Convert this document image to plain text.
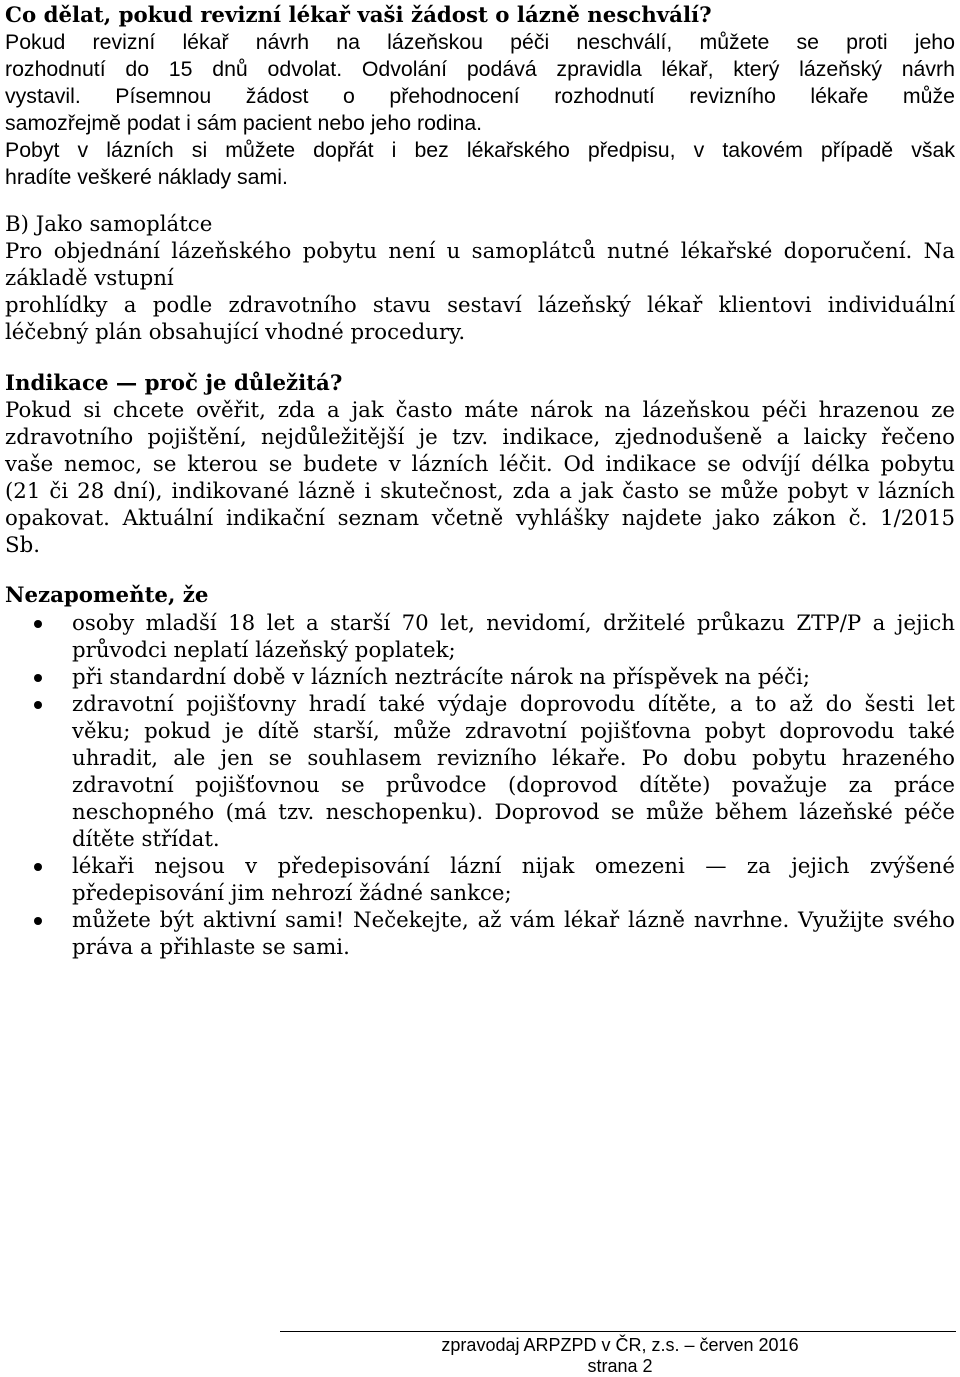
Co dělat, pokud revizní lékař vaši žádost o lázně neschválí?
Pokud revizní lékař návrh na lázeňskou péči neschválí, můžete se proti jeho
rozhodnutí do 15 dnů odvolat. Odvolání podává zpravidla lékař, který lázeňský návrh
vystavil. Písemnou žádost o přehodnocení rozhodnutí revizního lékaře může
samozřejmě podat i sám pacient nebo jeho rodina.
Pobyt v lázních si můžete dopřát i bez lékařského předpisu, v takovém případě však
hradíte veškeré náklady sami.
B) Jako samoplátce
Pro objednání lázeňského pobytu není u samoplátců nutné lékařské doporučení. Na
základě vstupní
prohlídky a podle zdravotního stavu sestaví lázeňský lékař klientovi individuální
léčebný plán obsahující vhodné procedury.
Indikace — proč je důležitá?
Pokud si chcete ověřit, zda a jak často máte nárok na lázeňskou péči hrazenou ze
zdravotního pojištění, nejdůležitější je tzv. indikace, zjednodušeně a laicky řečeno
vaše nemoc, se kterou se budete v lázních léčit. Od indikace se odvíjí délka pobytu
(21 či 28 dní), indikované lázně i skutečnost, zda a jak často se může pobyt v lázních
opakovat. Aktuální indikační seznam včetně vyhlášky najdete jako zákon č. 1/2015
Sb.
Nezapomeňte, že
osoby mladší 18 let a starší 70 let, nevidomí, držitelé průkazu ZTP/P a jejich
průvodci neplatí lázeňský poplatek;
při standardní době v lázních neztrácíte nárok na příspěvek na péči;
zdravotní pojišťovny hradí také výdaje doprovodu dítěte, a to až do šesti let
věku; pokud je dítě starší, může zdravotní pojišťovna pobyt doprovodu také
uhradit, ale jen se souhlasem revizního lékaře. Po dobu pobytu hrazeného
zdravotní pojišťovnou se průvodce (doprovod dítěte) považuje za práce
neschopného (má tzv. neschopenku). Doprovod se může během lázeňské péče
dítěte střídat.
lékaři nejsou v předepisování lázní nijak omezeni — za jejich zvýšené
předepisování jim nehrozí žádné sankce;
můžete být aktivní sami! Nečekejte, až vám lékař lázně navrhne. Využijte svého
práva a přihlaste se sami.
zpravodaj ARPZPD v ČR, z.s. – červen 2016
strana 2
